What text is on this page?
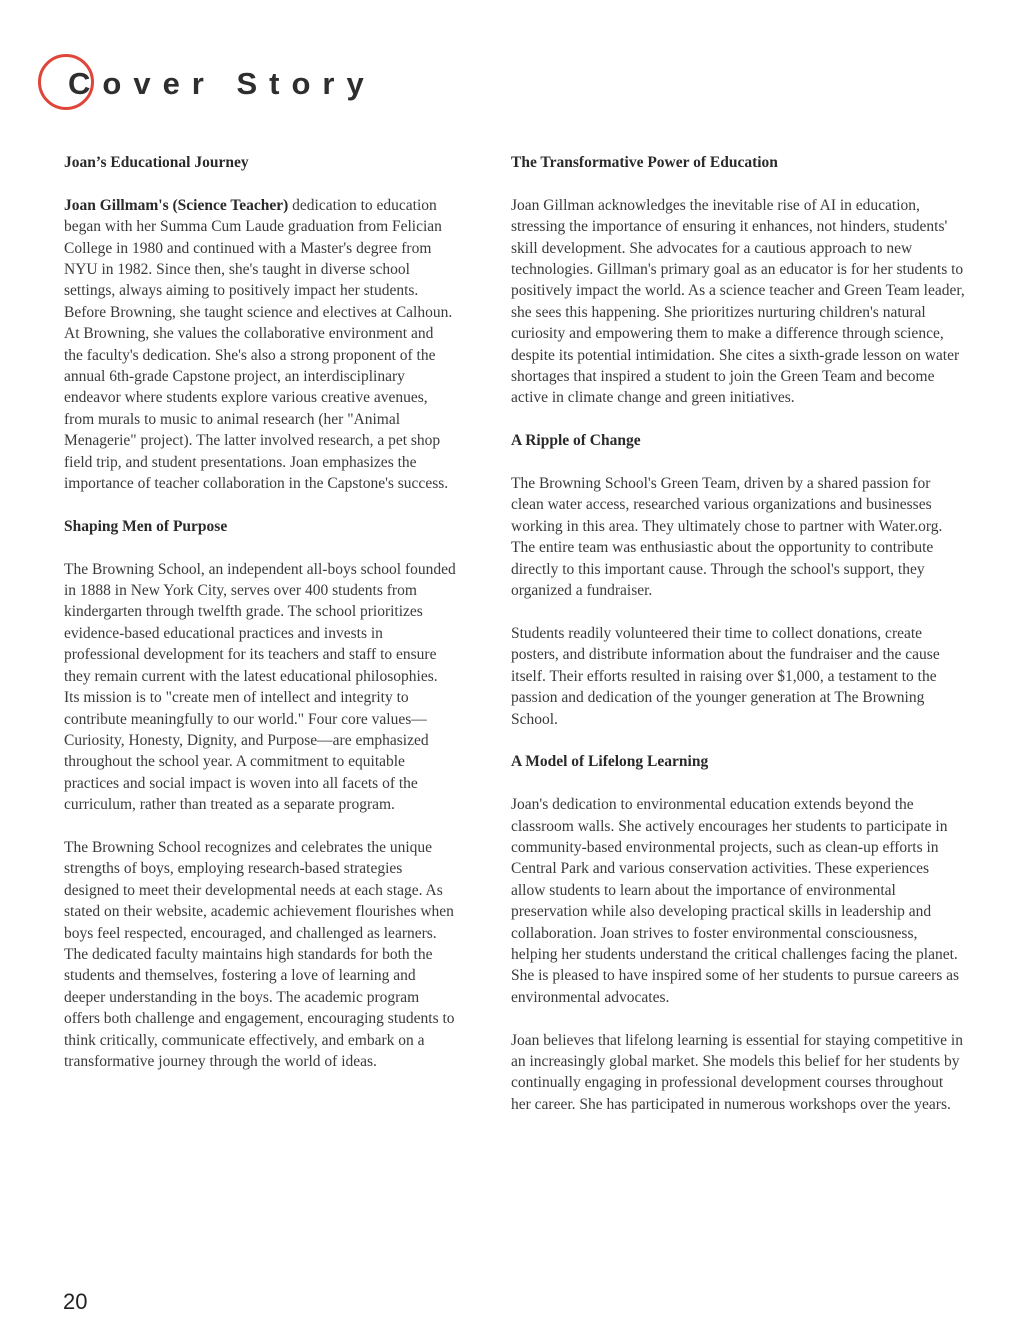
Cover Story
Joan’s Educational Journey
Joan Gillmam's (Science Teacher) dedication to education began with her Summa Cum Laude graduation from Felician College in 1980 and continued with a Master's degree from NYU in 1982. Since then, she's taught in diverse school settings, always aiming to positively impact her students. Before Browning, she taught science and electives at Calhoun. At Browning, she values the collaborative environment and the faculty's dedication. She's also a strong proponent of the annual 6th-grade Capstone project, an interdisciplinary endeavor where students explore various creative avenues, from murals to music to animal research (her "Animal Menagerie" project). The latter involved research, a pet shop field trip, and student presentations. Joan emphasizes the importance of teacher collaboration in the Capstone's success.
Shaping Men of Purpose
The Browning School, an independent all-boys school founded in 1888 in New York City, serves over 400 students from kindergarten through twelfth grade. The school prioritizes evidence-based educational practices and invests in professional development for its teachers and staff to ensure they remain current with the latest educational philosophies. Its mission is to "create men of intellect and integrity to contribute meaningfully to our world." Four core values—Curiosity, Honesty, Dignity, and Purpose—are emphasized throughout the school year. A commitment to equitable practices and social impact is woven into all facets of the curriculum, rather than treated as a separate program.
The Browning School recognizes and celebrates the unique strengths of boys, employing research-based strategies designed to meet their developmental needs at each stage. As stated on their website, academic achievement flourishes when boys feel respected, encouraged, and challenged as learners. The dedicated faculty maintains high standards for both the students and themselves, fostering a love of learning and deeper understanding in the boys. The academic program offers both challenge and engagement, encouraging students to think critically, communicate effectively, and embark on a transformative journey through the world of ideas.
The Transformative Power of Education
Joan Gillman acknowledges the inevitable rise of AI in education, stressing the importance of ensuring it enhances, not hinders, students' skill development. She advocates for a cautious approach to new technologies. Gillman's primary goal as an educator is for her students to positively impact the world. As a science teacher and Green Team leader, she sees this happening. She prioritizes nurturing children's natural curiosity and empowering them to make a difference through science, despite its potential intimidation. She cites a sixth-grade lesson on water shortages that inspired a student to join the Green Team and become active in climate change and green initiatives.
A Ripple of Change
The Browning School's Green Team, driven by a shared passion for clean water access, researched various organizations and businesses working in this area. They ultimately chose to partner with Water.org. The entire team was enthusiastic about the opportunity to contribute directly to this important cause. Through the school's support, they organized a fundraiser.
Students readily volunteered their time to collect donations, create posters, and distribute information about the fundraiser and the cause itself. Their efforts resulted in raising over $1,000, a testament to the passion and dedication of the younger generation at The Browning School.
A Model of Lifelong Learning
Joan's dedication to environmental education extends beyond the classroom walls. She actively encourages her students to participate in community-based environmental projects, such as clean-up efforts in Central Park and various conservation activities. These experiences allow students to learn about the importance of environmental preservation while also developing practical skills in leadership and collaboration. Joan strives to foster environmental consciousness, helping her students understand the critical challenges facing the planet. She is pleased to have inspired some of her students to pursue careers as environmental advocates.
Joan believes that lifelong learning is essential for staying competitive in an increasingly global market. She models this belief for her students by continually engaging in professional development courses throughout her career. She has participated in numerous workshops over the years.
20
